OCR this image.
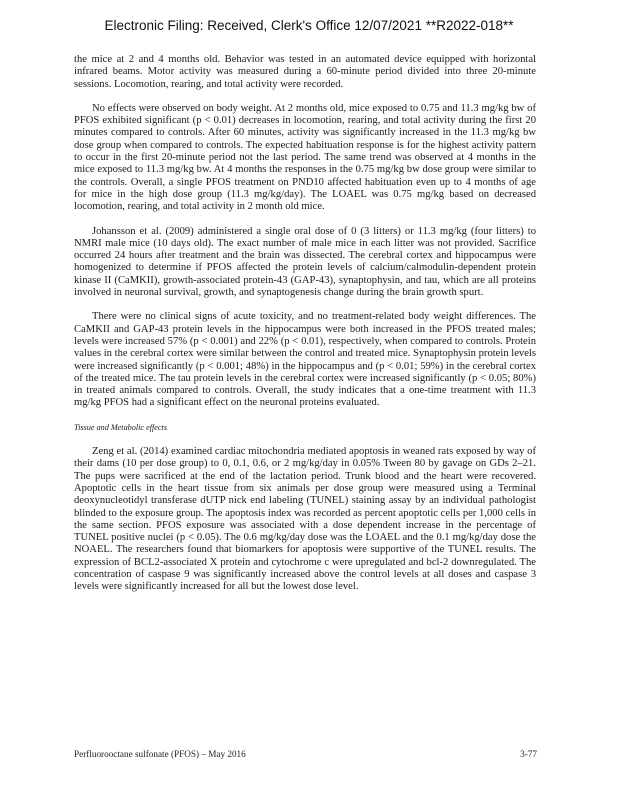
Electronic Filing: Received, Clerk's Office 12/07/2021 **R2022-018**

the mice at 2 and 4 months old. Behavior was tested in an automated device equipped with horizontal infrared beams. Motor activity was measured during a 60-minute period divided into three 20-minute sessions. Locomotion, rearing, and total activity were recorded.

No effects were observed on body weight. At 2 months old, mice exposed to 0.75 and 11.3 mg/kg bw of PFOS exhibited significant (p < 0.01) decreases in locomotion, rearing, and total activity during the first 20 minutes compared to controls. After 60 minutes, activity was significantly increased in the 11.3 mg/kg bw dose group when compared to controls. The expected habituation response is for the highest activity pattern to occur in the first 20-minute period not the last period. The same trend was observed at 4 months in the mice exposed to 11.3 mg/kg bw. At 4 months the responses in the 0.75 mg/kg bw dose group were similar to the controls. Overall, a single PFOS treatment on PND10 affected habituation even up to 4 months of age for mice in the high dose group (11.3 mg/kg/day). The LOAEL was 0.75 mg/kg based on decreased locomotion, rearing, and total activity in 2 month old mice.

Johansson et al. (2009) administered a single oral dose of 0 (3 litters) or 11.3 mg/kg (four litters) to NMRI male mice (10 days old). The exact number of male mice in each litter was not provided. Sacrifice occurred 24 hours after treatment and the brain was dissected. The cerebral cortex and hippocampus were homogenized to determine if PFOS affected the protein levels of calcium/calmodulin-dependent protein kinase II (CaMKII), growth-associated protein-43 (GAP-43), synaptophysin, and tau, which are all proteins involved in neuronal survival, growth, and synaptogenesis change during the brain growth spurt.

There were no clinical signs of acute toxicity, and no treatment-related body weight differences. The CaMKII and GAP-43 protein levels in the hippocampus were both increased in the PFOS treated males; levels were increased 57% (p < 0.001) and 22% (p < 0.01), respectively, when compared to controls. Protein values in the cerebral cortex were similar between the control and treated mice. Synaptophysin protein levels were increased significantly (p < 0.001; 48%) in the hippocampus and (p < 0.01; 59%) in the cerebral cortex of the treated mice. The tau protein levels in the cerebral cortex were increased significantly (p < 0.05; 80%) in treated animals compared to controls. Overall, the study indicates that a one-time treatment with 11.3 mg/kg PFOS had a significant effect on the neuronal proteins evaluated.

Tissue and Metabolic effects

Zeng et al. (2014) examined cardiac mitochondria mediated apoptosis in weaned rats exposed by way of their dams (10 per dose group) to 0, 0.1, 0.6, or 2 mg/kg/day in 0.05% Tween 80 by gavage on GDs 2–21. The pups were sacrificed at the end of the lactation period. Trunk blood and the heart were recovered. Apoptotic cells in the heart tissue from six animals per dose group were measured using a Terminal deoxynucleotidyl transferase dUTP nick end labeling (TUNEL) staining assay by an individual pathologist blinded to the exposure group. The apoptosis index was recorded as percent apoptotic cells per 1,000 cells in the same section. PFOS exposure was associated with a dose dependent increase in the percentage of TUNEL positive nuclei (p < 0.05). The 0.6 mg/kg/day dose was the LOAEL and the 0.1 mg/kg/day dose the NOAEL. The researchers found that biomarkers for apoptosis were supportive of the TUNEL results. The expression of BCL2-associated X protein and cytochrome c were upregulated and bcl-2 downregulated. The concentration of caspase 9 was significantly increased above the control levels at all doses and caspase 3 levels were significantly increased for all but the lowest dose level.

Perfluorooctane sulfonate (PFOS) – May 2016	3-77
